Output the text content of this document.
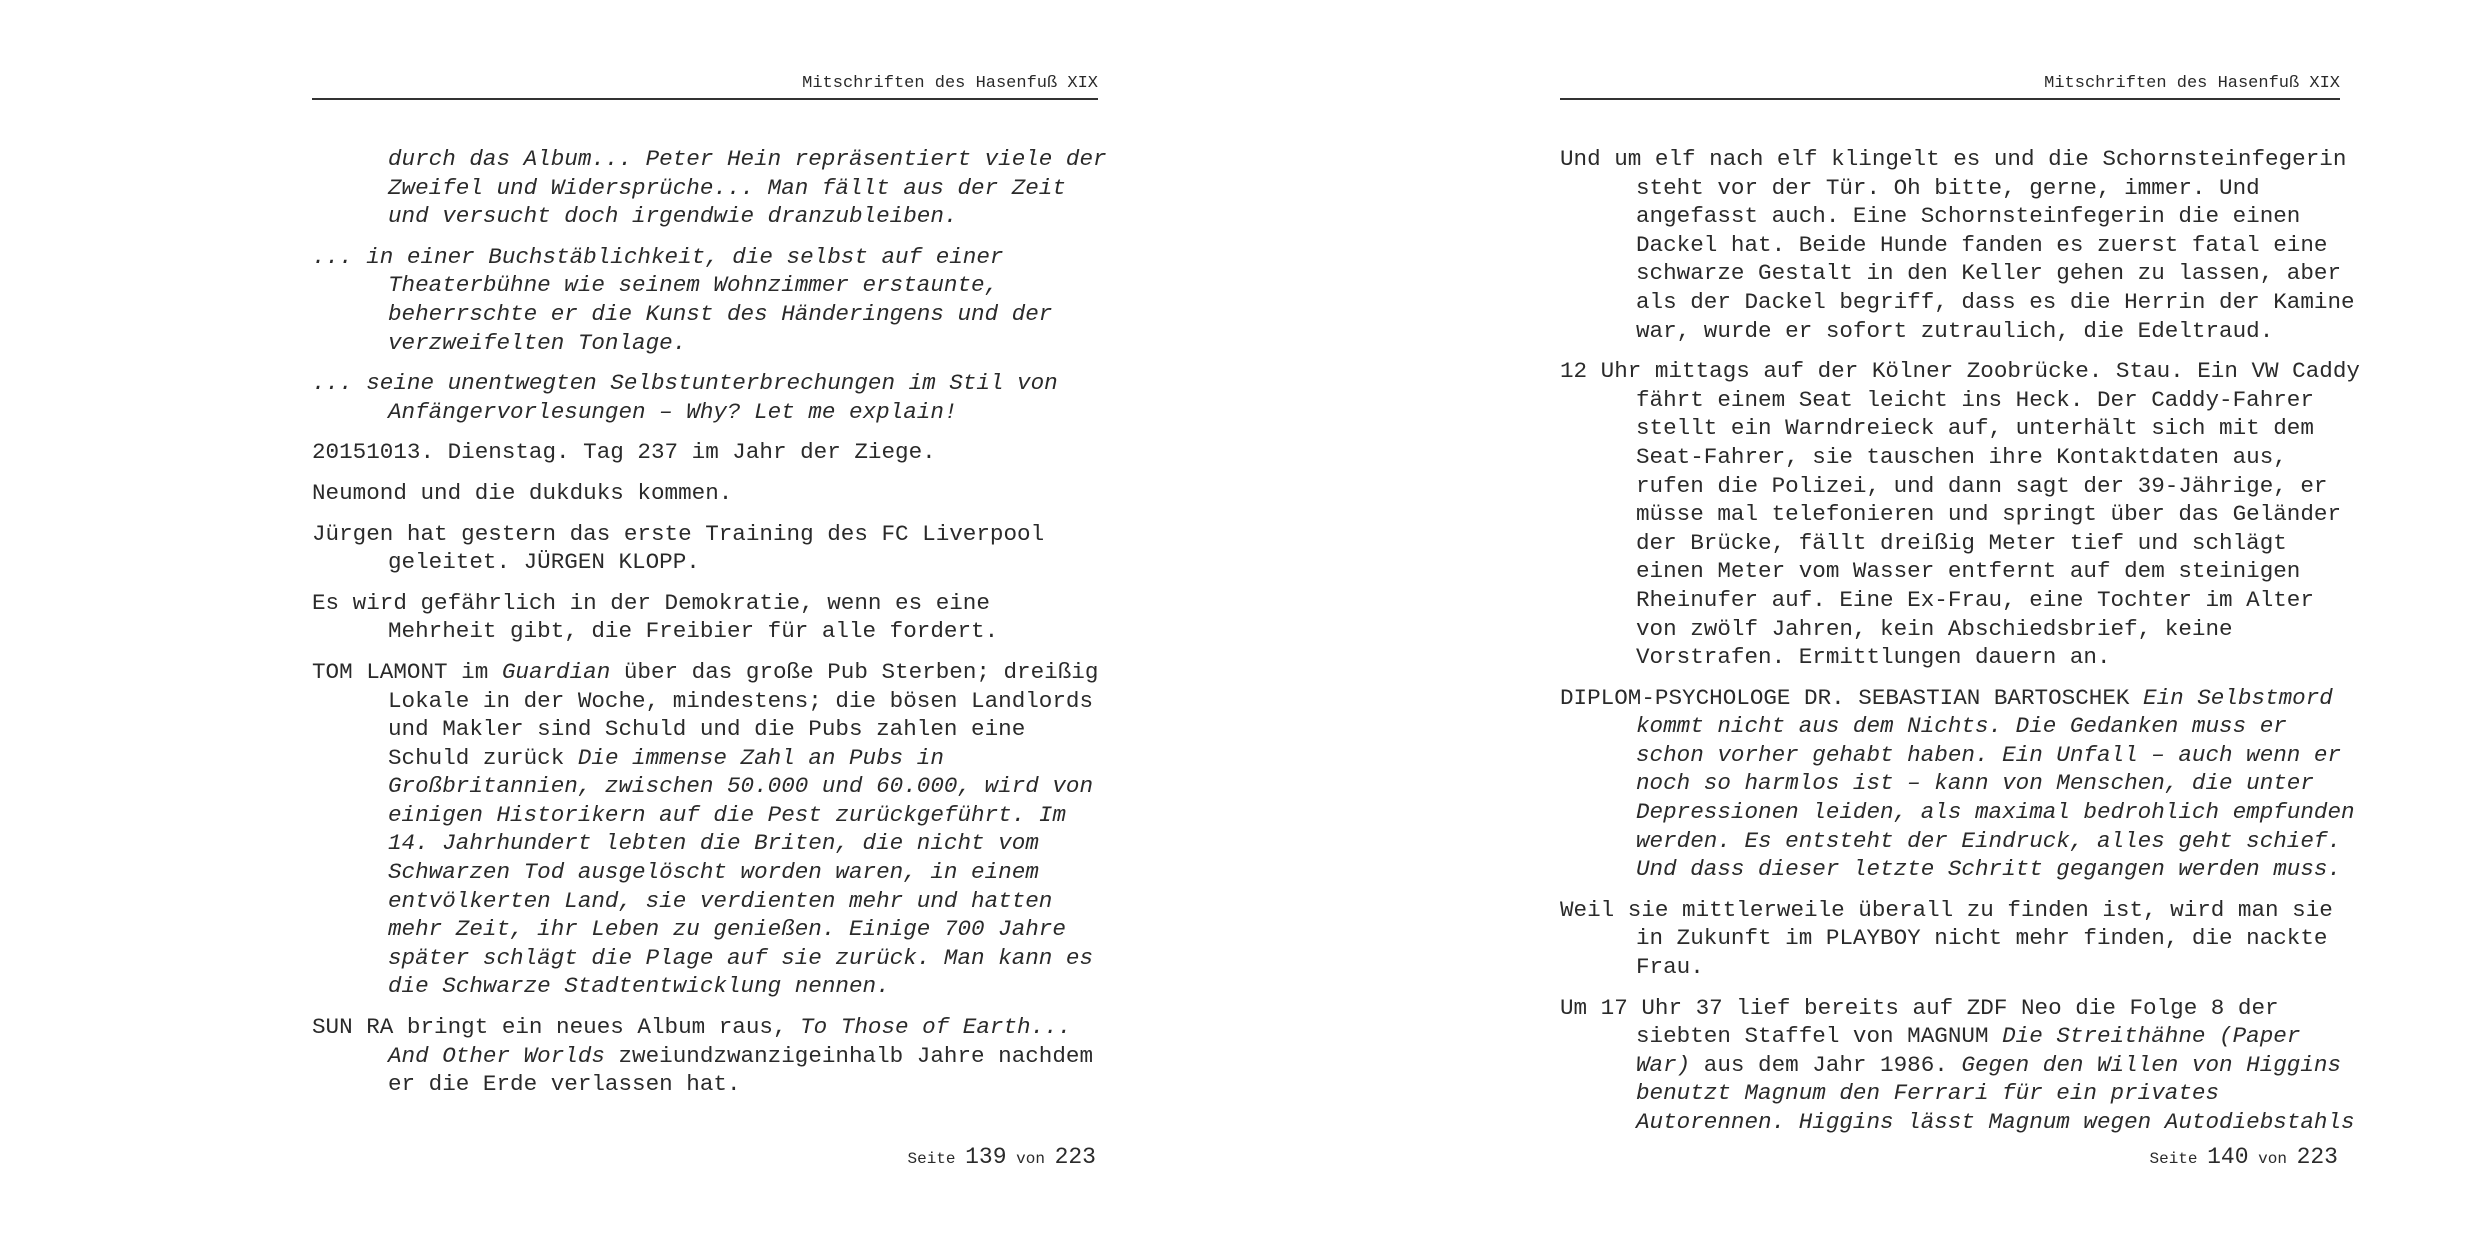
Mitschriften des Hasenfuß XIX

durch das Album... Peter Hein repräsentiert viele der Zweifel und Widersprüche... Man fällt aus der Zeit und versucht doch irgendwie dranzubleiben.

... in einer Buchstäblichkeit, die selbst auf einer Theaterbühne wie seinem Wohnzimmer erstaunte, beherrschte er die Kunst des Händeringens und der verzweifelten Tonlage.

... seine unentwegten Selbstunterbrechungen im Stil von Anfängervorlesungen – Why? Let me explain!

20151013. Dienstag. Tag 237 im Jahr der Ziege.

Neumond und die dukduks kommen.

Jürgen hat gestern das erste Training des FC Liverpool geleitet. JÜRGEN KLOPP.

Es wird gefährlich in der Demokratie, wenn es eine Mehrheit gibt, die Freibier für alle fordert.

TOM LAMONT im Guardian über das große Pub Sterben; dreißig Lokale in der Woche, mindestens; die bösen Landlords und Makler sind Schuld und die Pubs zahlen eine Schuld zurück Die immense Zahl an Pubs in Großbritannien, zwischen 50.000 und 60.000, wird von einigen Historikern auf die Pest zurückgeführt. Im 14. Jahrhundert lebten die Briten, die nicht vom Schwarzen Tod ausgelöscht worden waren, in einem entvölkerten Land, sie verdienten mehr und hatten mehr Zeit, ihr Leben zu genießen. Einige 700 Jahre später schlägt die Plage auf sie zurück. Man kann es die Schwarze Stadtentwicklung nennen.

SUN RA bringt ein neues Album raus, To Those of Earth... And Other Worlds zweiundzwanzigeinhalb Jahre nachdem er die Erde verlassen hat.

Seite 139 von 223
Mitschriften des Hasenfuß XIX

Und um elf nach elf klingelt es und die Schornsteinfegerin steht vor der Tür. Oh bitte, gerne, immer. Und angefasst auch. Eine Schornsteinfegerin die einen Dackel hat. Beide Hunde fanden es zuerst fatal eine schwarze Gestalt in den Keller gehen zu lassen, aber als der Dackel begriff, dass es die Herrin der Kamine war, wurde er sofort zutraulich, die Edeltraud.

12 Uhr mittags auf der Kölner Zoobrücke. Stau. Ein VW Caddy fährt einem Seat leicht ins Heck. Der Caddy-Fahrer stellt ein Warndreieck auf, unterhält sich mit dem Seat-Fahrer, sie tauschen ihre Kontaktdaten aus, rufen die Polizei, und dann sagt der 39-Jährige, er müsse mal telefonieren und springt über das Geländer der Brücke, fällt dreißig Meter tief und schlägt einen Meter vom Wasser entfernt auf dem steinigen Rheinufer auf. Eine Ex-Frau, eine Tochter im Alter von zwölf Jahren, kein Abschiedsbrief, keine Vorstrafen. Ermittlungen dauern an.

DIPLOM-PSYCHOLOGE DR. SEBASTIAN BARTOSCHEK Ein Selbstmord kommt nicht aus dem Nichts. Die Gedanken muss er schon vorher gehabt haben. Ein Unfall – auch wenn er noch so harmlos ist – kann von Menschen, die unter Depressionen leiden, als maximal bedrohlich empfunden werden. Es entsteht der Eindruck, alles geht schief. Und dass dieser letzte Schritt gegangen werden muss.

Weil sie mittlerweile überall zu finden ist, wird man sie in Zukunft im PLAYBOY nicht mehr finden, die nackte Frau.

Um 17 Uhr 37 lief bereits auf ZDF Neo die Folge 8 der siebten Staffel von MAGNUM Die Streithähne (Paper War) aus dem Jahr 1986. Gegen den Willen von Higgins benutzt Magnum den Ferrari für ein privates Autorennen. Higgins lässt Magnum wegen Autodiebstahls

Seite 140 von 223
